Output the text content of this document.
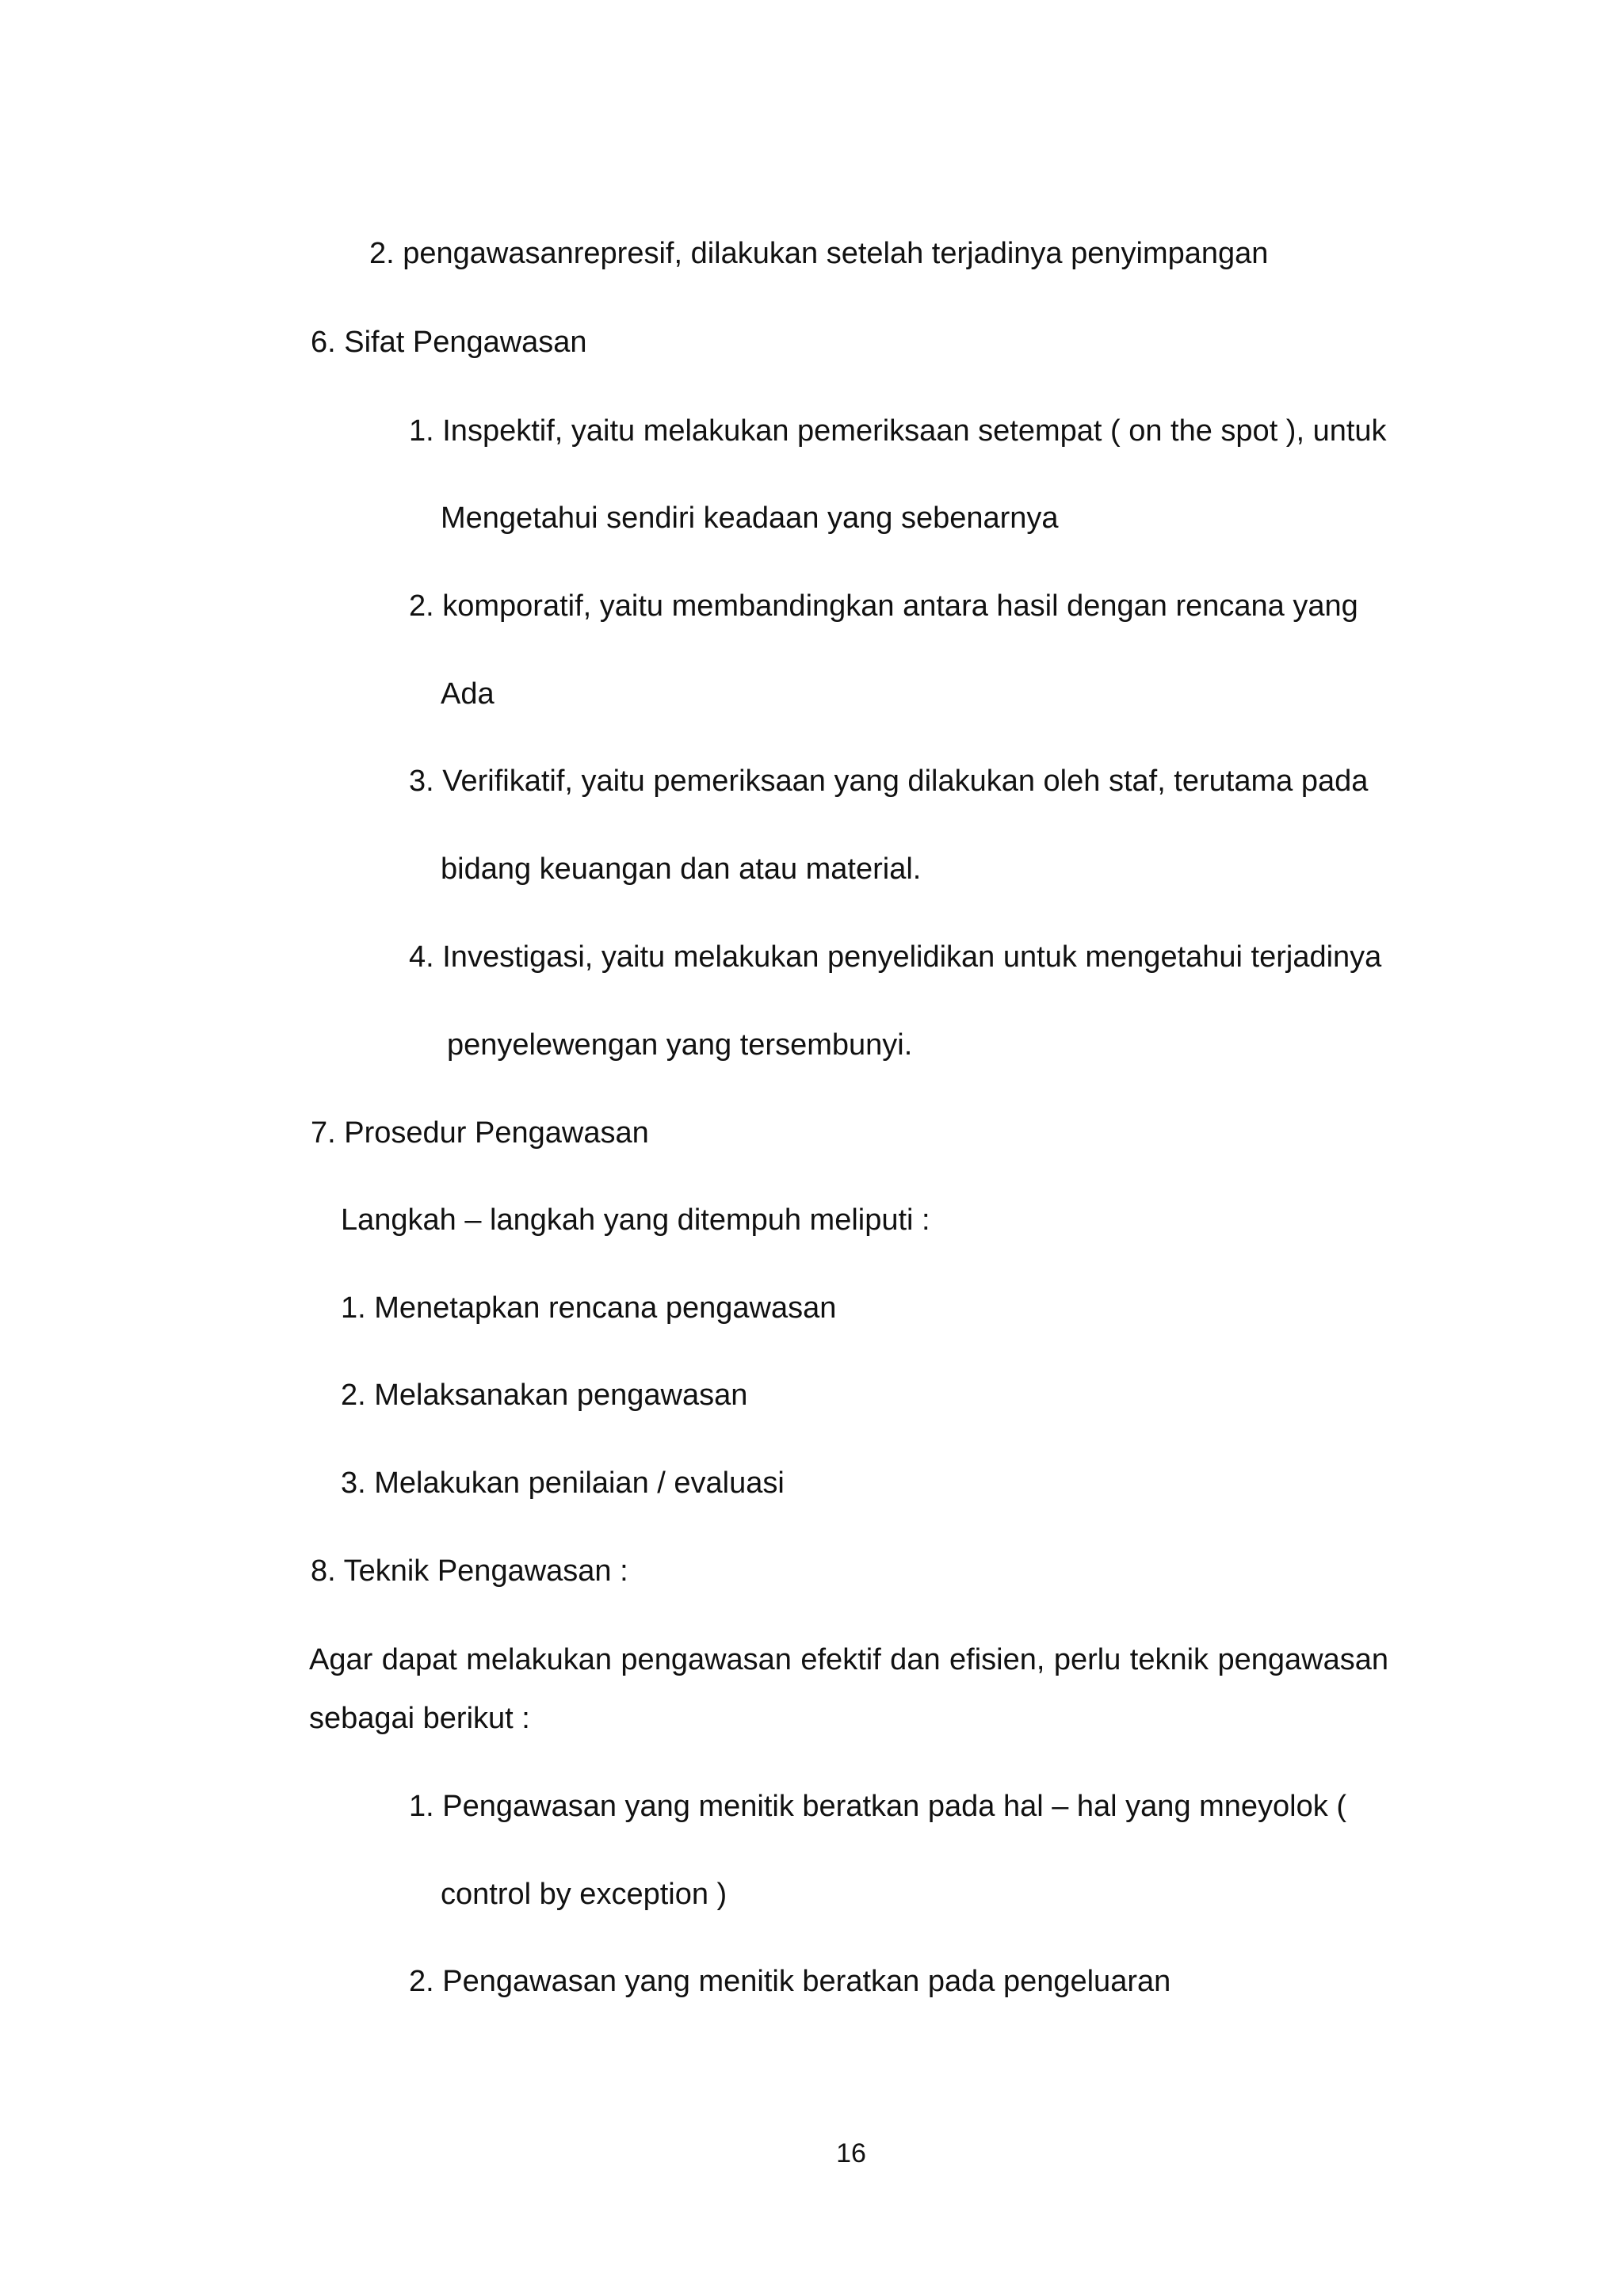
2. pengawasanrepresif, dilakukan setelah terjadinya penyimpangan
6. Sifat Pengawasan
1. Inspektif, yaitu melakukan pemeriksaan setempat ( on the spot ), untuk
Mengetahui sendiri keadaan yang sebenarnya
2. komporatif, yaitu membandingkan antara hasil dengan rencana yang
Ada
3. Verifikatif, yaitu pemeriksaan yang dilakukan oleh staf, terutama pada
bidang keuangan dan atau material.
4. Investigasi, yaitu melakukan penyelidikan untuk mengetahui terjadinya
penyelewengan yang tersembunyi.
7. Prosedur Pengawasan
Langkah – langkah yang ditempuh meliputi :
1. Menetapkan rencana pengawasan
2. Melaksanakan pengawasan
3. Melakukan penilaian / evaluasi
8. Teknik Pengawasan :
Agar dapat melakukan pengawasan efektif dan efisien, perlu teknik pengawasan sebagai berikut :
1. Pengawasan yang menitik beratkan pada hal – hal yang mneyolok (
control by exception )
2. Pengawasan yang menitik beratkan pada pengeluaran
16
